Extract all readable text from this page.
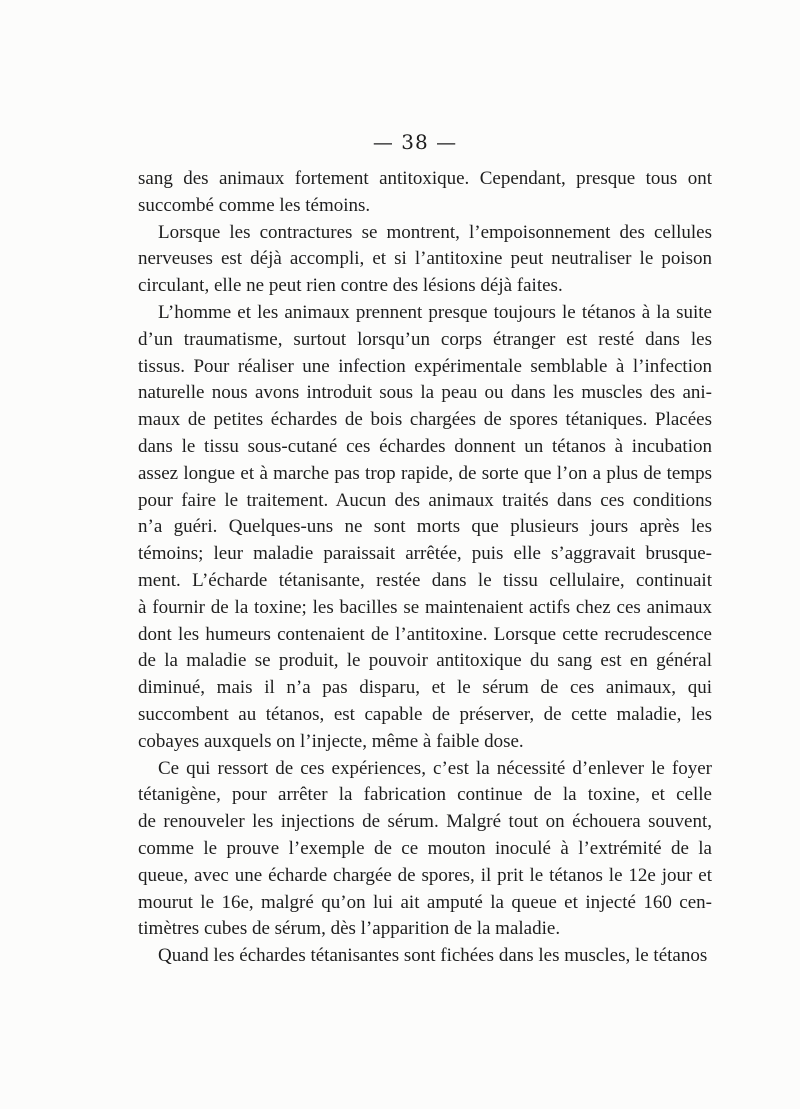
— 38 —
sang des animaux fortement antitoxique. Cependant, presque tous ont
succombé comme les témoins.
Lorsque les contractures se montrent, l’empoisonnement des cellules
nerveuses est déjà accompli, et si l’antitoxine peut neutraliser le poison
circulant, elle ne peut rien contre des lésions déjà faites.
L’homme et les animaux prennent presque toujours le tétanos à la suite
d’un traumatisme, surtout lorsqu’un corps étranger est resté dans les
tissus. Pour réaliser une infection expérimentale semblable à l’infection
naturelle nous avons introduit sous la peau ou dans les muscles des ani-
maux de petites échardes de bois chargées de spores tétaniques. Placées
dans le tissu sous-cutané ces échardes donnent un tétanos à incubation
assez longue et à marche pas trop rapide, de sorte que l’on a plus de temps
pour faire le traitement. Aucun des animaux traités dans ces conditions
n’a guéri. Quelques-uns ne sont morts que plusieurs jours après les
témoins; leur maladie paraissait arrêtée, puis elle s’aggravait brusque-
ment. L’écharde tétanisante, restée dans le tissu cellulaire, continuait
à fournir de la toxine; les bacilles se maintenaient actifs chez ces animaux
dont les humeurs contenaient de l’antitoxine. Lorsque cette recrudescence
de la maladie se produit, le pouvoir antitoxique du sang est en général
diminué, mais il n’a pas disparu, et le sérum de ces animaux, qui
succombent au tétanos, est capable de préserver, de cette maladie, les
cobayes auxquels on l’injecte, même à faible dose.
Ce qui ressort de ces expériences, c’est la nécessité d’enlever le foyer
tétanigène, pour arrêter la fabrication continue de la toxine, et celle
de renouveler les injections de sérum. Malgré tout on échouera souvent,
comme le prouve l’exemple de ce mouton inoculé à l’extrémité de la
queue, avec une écharde chargée de spores, il prit le tétanos le 12e jour et
mourut le 16e, malgré qu’on lui ait amputé la queue et injecté 160 cen-
timètres cubes de sérum, dès l’apparition de la maladie.
Quand les échardes tétanisantes sont fichées dans les muscles, le tétanos
